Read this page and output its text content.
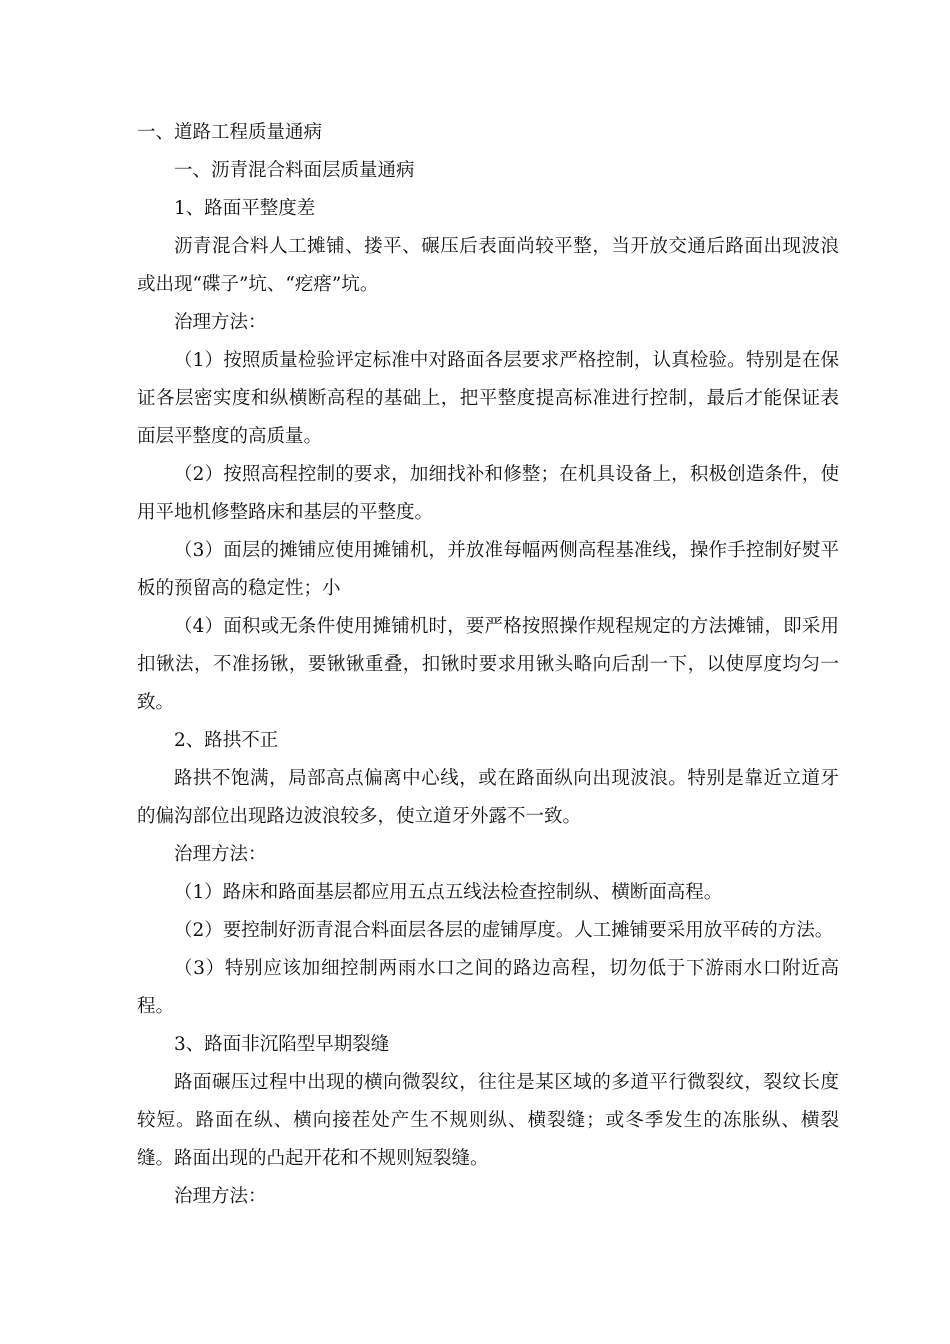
一、道路工程质量通病

一、沥青混合料面层质量通病

1、路面平整度差

沥青混合料人工摊铺、搂平、碾压后表面尚较平整，当开放交通后路面出现波浪或出现“碟子”坑、“疙瘩”坑。

治理方法：

（1）按照质量检验评定标准中对路面各层要求严格控制，认真检验。特别是在保证各层密实度和纵横断高程的基础上，把平整度提高标准进行控制，最后才能保证表面层平整度的高质量。

（2）按照高程控制的要求，加细找补和修整；在机具设备上，积极创造条件，使用平地机修整路床和基层的平整度。

（3）面层的摊铺应使用摊铺机，并放准每幅两侧高程基准线，操作手控制好熨平板的预留高的稳定性；小

（4）面积或无条件使用摊铺机时，要严格按照操作规程规定的方法摊铺，即采用扣锹法，不准扬锹，要锹锹重叠，扣锹时要求用锹头略向后刮一下，以使厚度均匀一致。

2、路拱不正

路拱不饱满，局部高点偏离中心线，或在路面纵向出现波浪。特别是靠近立道牙的偏沟部位出现路边波浪较多，使立道牙外露不一致。

治理方法：

（1）路床和路面基层都应用五点五线法检查控制纵、横断面高程。

（2）要控制好沥青混合料面层各层的虚铺厚度。人工摊铺要采用放平砖的方法。

（3）特别应该加细控制两雨水口之间的路边高程，切勿低于下游雨水口附近高程。

3、路面非沉陷型早期裂缝

路面碾压过程中出现的横向微裂纹，往往是某区域的多道平行微裂纹，裂纹长度较短。路面在纵、横向接茬处产生不规则纵、横裂缝；或冬季发生的冻胀纵、横裂缝。路面出现的凸起开花和不规则短裂缝。

治理方法：
